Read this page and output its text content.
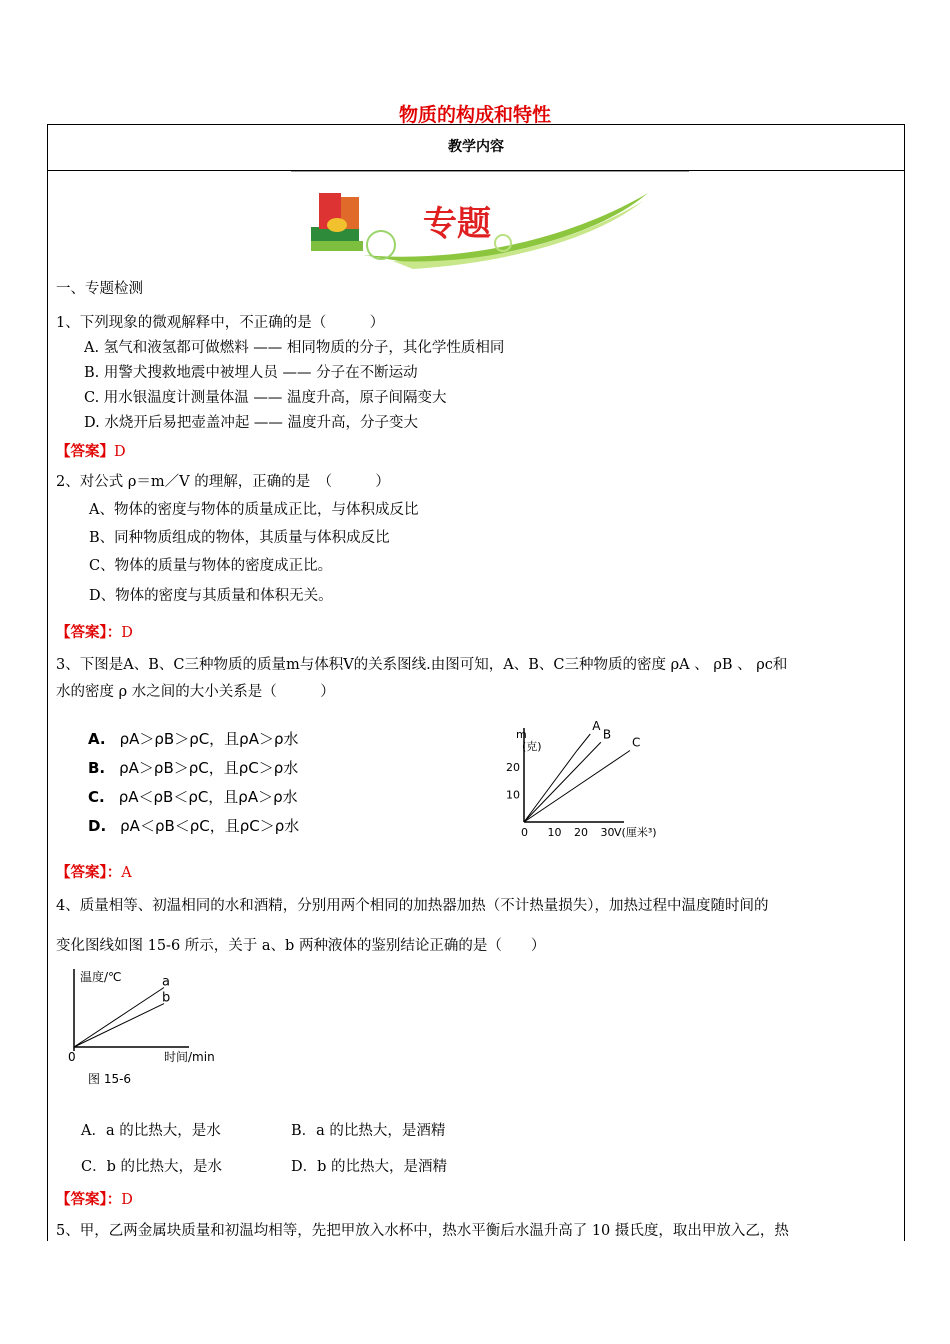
物质的构成和特性
教学内容
专题
一、专题检测
1、下列现象的微观解释中，不正确的是（　　　）
A. 氢气和液氢都可做燃料 —— 相同物质的分子，其化学性质相同
B. 用警犬搜救地震中被埋人员 —— 分子在不断运动
C. 用水银温度计测量体温 —— 温度升高，原子间隔变大
D. 水烧开后易把壶盖冲起 —— 温度升高，分子变大
【答案】D
2、对公式 ρ＝m／V 的理解，正确的是　（　　　）
A、物体的密度与物体的质量成正比，与体积成反比
B、同种物质组成的物体，其质量与体积成反比
C、物体的质量与物体的密度成正比。
D、物体的密度与其质量和体积无关。
【答案】：D
3、下图是A、B、C三种物质的质量m与体积V的关系图线.由图可知，A、B、C三种物质的密度 ρA 、 ρB 、 ρc和
水的密度 ρ 水之间的大小关系是（　　　）
A. ρA＞ρB＞ρC，且ρA＞ρ水
B. ρA＞ρB＞ρC，且ρC＞ρ水
C. ρA＜ρB＜ρC，且ρA＞ρ水
D. ρA＜ρB＜ρC，且ρC＞ρ水
m
(克)
0 10 20 30
10
20
V(厘米³)
A
B
C
【答案】：A
4、质量相等、初温相同的水和酒精，分别用两个相同的加热器加热（不计热量损失），加热过程中温度随时间的
变化图线如图 15-6 所示，关于 a、b 两种液体的鉴别结论正确的是（　　）
温度/℃
时间/min
0
a
b
图 15-6
A．a 的比热大，是水	B．a 的比热大，是酒精
C．b 的比热大，是水	D．b 的比热大，是酒精
【答案】：D
5、甲，乙两金属块质量和初温均相等，先把甲放入水杯中，热水平衡后水温升高了 10 摄氏度，取出甲放入乙，热
